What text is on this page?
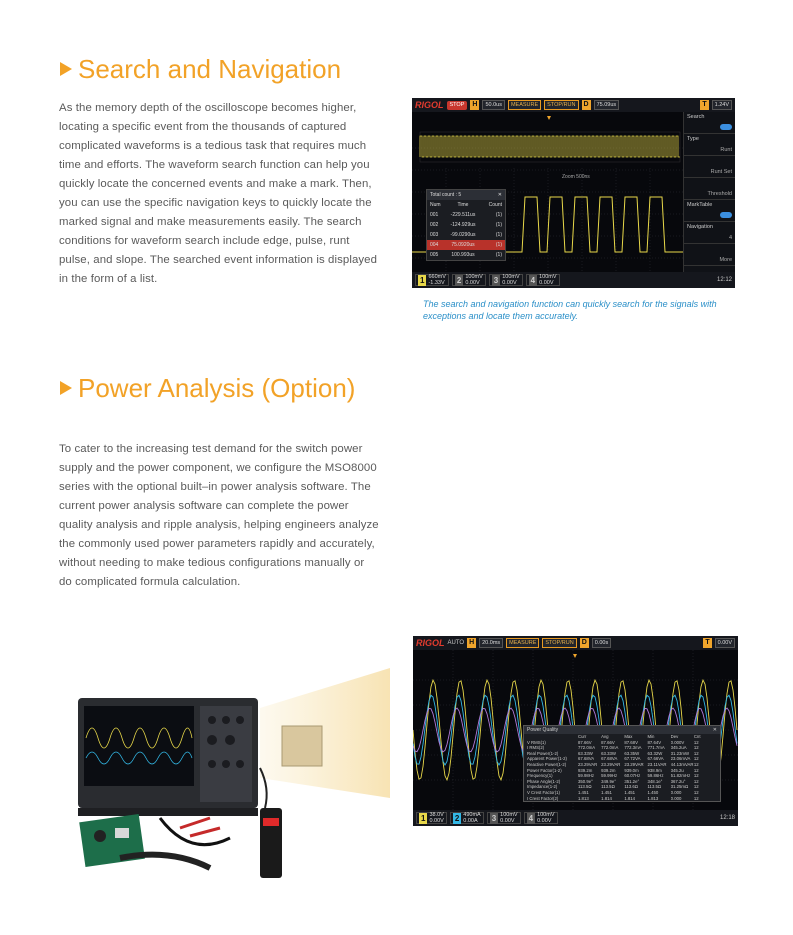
Search and Navigation
As the memory depth of the oscilloscope becomes higher, locating a specific event from the thousands of captured complicated waveforms is a tedious task that requires much time and efforts. The waveform search function can help you quickly locate the concerned events and make a mark. Then, you can use the specific navigation keys to quickly locate the marked signal and make measurements easily. The search conditions for waveform search include edge, pulse, runt pulse, and slope. The searched event information is displayed in the form of a list.
RIGOL	STOP	H	50.0us	MEASURE	STOP/RUN	D	75.09us	T	1.24V
Zoom 500ns
Total count : 5	✕
Num	Time	Count
001	-229.511us	(1)
002	-124.929us	(1)
003	-99.0290us	(1)
004	75.0920us	(1)
005	100.993us	(1)
Search
Type
Runt
Runt Set
Threshold
MarkTable
Navigation
4
More
1 660mV
-1.33V 2 100mV
0.00V	3 100mV
0.00V	4 100mV
0.00V	12:12
The search and navigation function can quickly search for the signals with exceptions and locate them accurately.
Power Analysis (Option)
To cater to the increasing test demand for the switch power supply and the power component, we configure the MSO8000 series with the optional built–in power analysis software. The current power analysis software can complete the power quality analysis and ripple analysis, helping engineers analyze the commonly used power parameters rapidly and accurately, without needing to make tedious configurations manually or do complicated formula calculation.
RIGOL AUTO H	20.0ms	MEASURE	STOP/RUN	D	0.00s	T	0.00V
Power Quality	✕
Curr	Avg	Max	Min	Dev	Cnt
V RMS(1)	87.66V	87.66V	87.68V	87.64V	0.000V	12
I RMS(2)	772.0mA	772.0mA	772.3mA	771.7mA	345.2uA	12
Real Power(1-2)	63.33W	63.33W	63.35W	63.32W	31.23mW	12
Apparent Power(1-2)	67.68VA	67.68VA	67.72VA	67.66VA	23.06mVA 12
Reactive Power(1-2)	23.29VAR 23.29VAR 23.29VAR 23.11VAR 44.13mVAR 12
Power Factor(1-2)	939.2m	939.2m	939.0m	938.9m	345.2u	12
Frequency(1)	59.98Hz	59.99Hz	60.07Hz	59.86Hz	51.82mHz 12
Phase Angle(1-2)	350.9e°	349.9e°	351.2e°	348.1e°	367.2u°	12
Impedance(1-2)	113.5Ω	113.5Ω	113.6Ω	113.5Ω	31.25mΩ	12
V Crest Factor(1)	1.451	1.451	1.451	1.450	0.000	12
I Crest Factor(2)	1.813	1.814	1.814	1.813	0.000	12
1 38.0V
0.00V 2 490mA
0.00A	3 100mV
0.00V	4 100mV
0.00V	12:18
